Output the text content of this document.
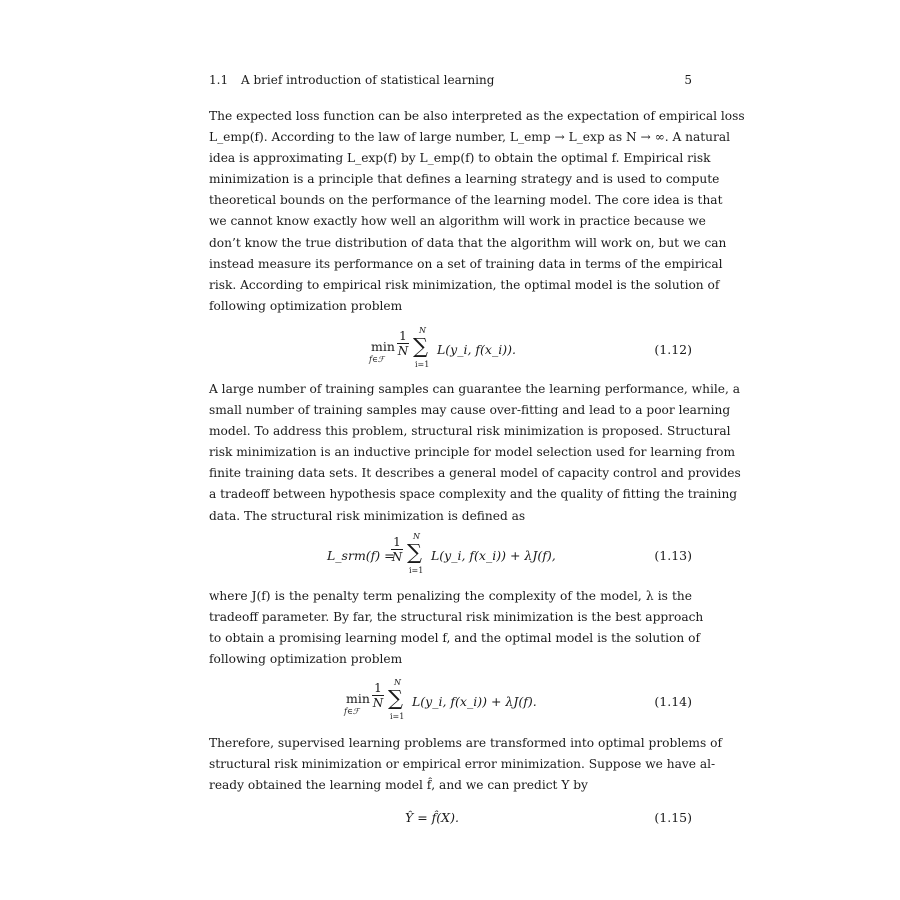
1.1 A brief introduction of statistical learning	5
The expected loss function can be also interpreted as the expectation of empirical loss
L_emp(f). According to the law of large number, L_emp → L_exp as N → ∞. A natural
idea is approximating L_exp(f) by L_emp(f) to obtain the optimal f. Empirical risk
minimization is a principle that defines a learning strategy and is used to compute
theoretical bounds on the performance of the learning model. The core idea is that
we cannot know exactly how well an algorithm will work in practice because we
don’t know the true distribution of data that the algorithm will work on, but we can
instead measure its performance on a set of training data in terms of the empirical
risk. According to empirical risk minimization, the optimal model is the solution of
following optimization problem
min
f∈ℱ
1
N
N
∑
i=1
L(y_i, f(x_i)).	(1.12)
A large number of training samples can guarantee the learning performance, while, a
small number of training samples may cause over-fitting and lead to a poor learning
model. To address this problem, structural risk minimization is proposed. Structural
risk minimization is an inductive principle for model selection used for learning from
finite training data sets. It describes a general model of capacity control and provides
a tradeoff between hypothesis space complexity and the quality of fitting the training
data. The structural risk minimization is defined as
L_srm(f) =
1
N
N
∑
i=1
L(y_i, f(x_i)) + λJ(f),	(1.13)
where J(f) is the penalty term penalizing the complexity of the model, λ is the
tradeoff parameter. By far, the structural risk minimization is the best approach
to obtain a promising learning model f, and the optimal model is the solution of
following optimization problem
min
f∈ℱ
1
N
N
∑
i=1
L(y_i, f(x_i)) + λJ(f).	(1.14)
Therefore, supervised learning problems are transformed into optimal problems of
structural risk minimization or empirical error minimization. Suppose we have al-
ready obtained the learning model f̂, and we can predict Y by
Ŷ = f̂(X).	(1.15)
